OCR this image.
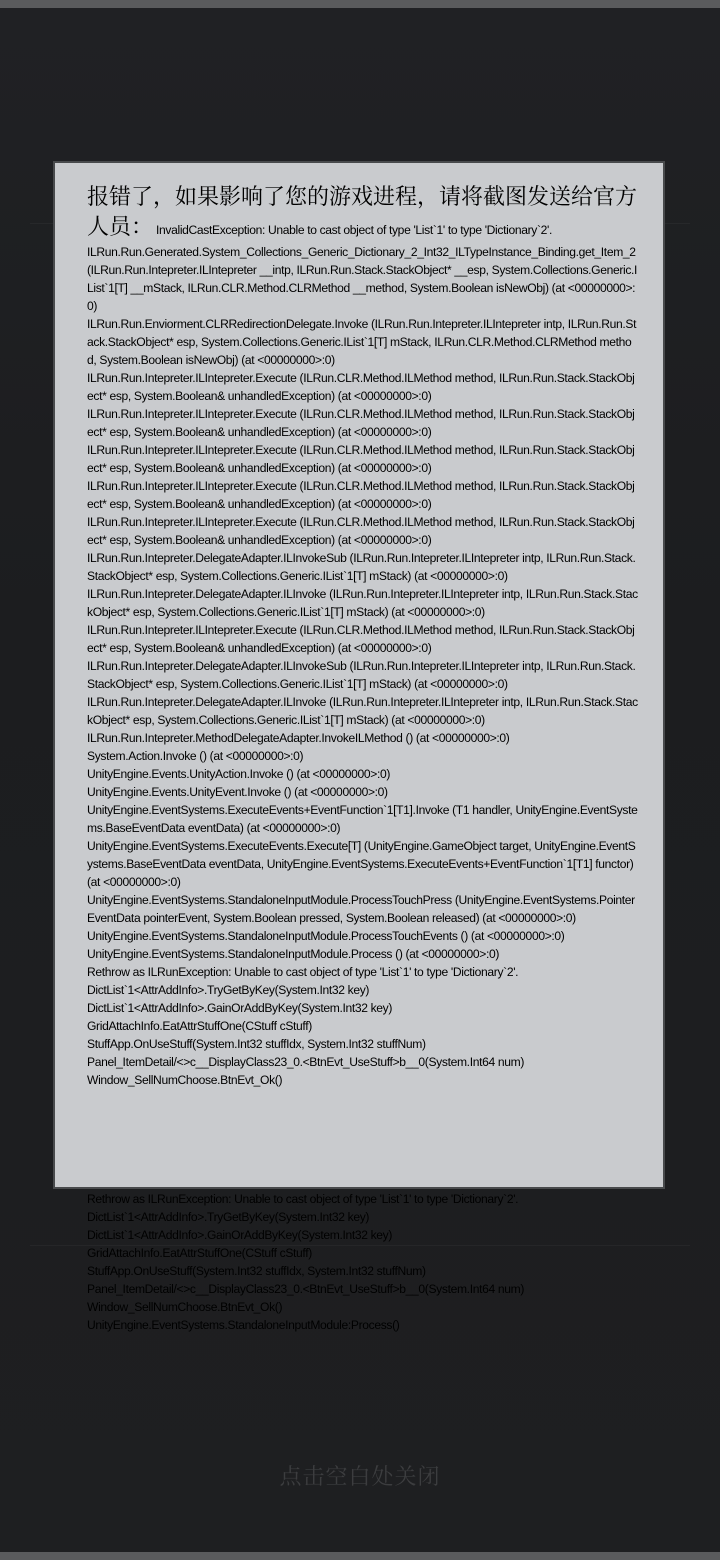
Rethrow as ILRunException: Unable to cast object of type 'List`1' to type 'Dictionary`2'.
DictList`1<AttrAddInfo>.TryGetByKey(System.Int32 key)
DictList`1<AttrAddInfo>.GainOrAddByKey(System.Int32 key)
GridAttachInfo.EatAttrStuffOne(CStuff cStuff)
StuffApp.OnUseStuff(System.Int32 stuffIdx, System.Int32 stuffNum)
Panel_ItemDetail/<>c__DisplayClass23_0.<BtnEvt_UseStuff>b__0(System.Int64 num)
Window_SellNumChoose.BtnEvt_Ok()
UnityEngine.EventSystems.StandaloneInputModule:Process()

报错了，如果影响了您的游戏进程，请将截图发送给官方人员： InvalidCastException: Unable to cast object of type 'List`1' to type 'Dictionary`2'.
ILRun.Run.Generated.System_Collections_Generic_Dictionary_2_Int32_ILTypeInstance_Binding.get_Item_2 (ILRun.Run.Intepreter.ILIntepreter __intp, ILRun.Run.Stack.StackObject* __esp, System.Collections.Generic.IList`1[T] __mStack, ILRun.CLR.Method.CLRMethod __method, System.Boolean isNewObj) (at <00000000>:0)
ILRun.Run.Enviorment.CLRRedirectionDelegate.Invoke (ILRun.Run.Intepreter.ILIntepreter intp, ILRun.Run.Stack.StackObject* esp, System.Collections.Generic.IList`1[T] mStack, ILRun.CLR.Method.CLRMethod method, System.Boolean isNewObj) (at <00000000>:0)
ILRun.Run.Intepreter.ILIntepreter.Execute (ILRun.CLR.Method.ILMethod method, ILRun.Run.Stack.StackObject* esp, System.Boolean& unhandledException) (at <00000000>:0)
ILRun.Run.Intepreter.ILIntepreter.Execute (ILRun.CLR.Method.ILMethod method, ILRun.Run.Stack.StackObject* esp, System.Boolean& unhandledException) (at <00000000>:0)
ILRun.Run.Intepreter.ILIntepreter.Execute (ILRun.CLR.Method.ILMethod method, ILRun.Run.Stack.StackObject* esp, System.Boolean& unhandledException) (at <00000000>:0)
ILRun.Run.Intepreter.ILIntepreter.Execute (ILRun.CLR.Method.ILMethod method, ILRun.Run.Stack.StackObject* esp, System.Boolean& unhandledException) (at <00000000>:0)
ILRun.Run.Intepreter.ILIntepreter.Execute (ILRun.CLR.Method.ILMethod method, ILRun.Run.Stack.StackObject* esp, System.Boolean& unhandledException) (at <00000000>:0)
ILRun.Run.Intepreter.DelegateAdapter.ILInvokeSub (ILRun.Run.Intepreter.ILIntepreter intp, ILRun.Run.Stack.StackObject* esp, System.Collections.Generic.IList`1[T] mStack) (at <00000000>:0)
ILRun.Run.Intepreter.DelegateAdapter.ILInvoke (ILRun.Run.Intepreter.ILIntepreter intp, ILRun.Run.Stack.StackObject* esp, System.Collections.Generic.IList`1[T] mStack) (at <00000000>:0)
ILRun.Run.Intepreter.ILIntepreter.Execute (ILRun.CLR.Method.ILMethod method, ILRun.Run.Stack.StackObject* esp, System.Boolean& unhandledException) (at <00000000>:0)
ILRun.Run.Intepreter.DelegateAdapter.ILInvokeSub (ILRun.Run.Intepreter.ILIntepreter intp, ILRun.Run.Stack.StackObject* esp, System.Collections.Generic.IList`1[T] mStack) (at <00000000>:0)
ILRun.Run.Intepreter.DelegateAdapter.ILInvoke (ILRun.Run.Intepreter.ILIntepreter intp, ILRun.Run.Stack.StackObject* esp, System.Collections.Generic.IList`1[T] mStack) (at <00000000>:0)
ILRun.Run.Intepreter.MethodDelegateAdapter.InvokeILMethod () (at <00000000>:0)
System.Action.Invoke () (at <00000000>:0)
UnityEngine.Events.UnityAction.Invoke () (at <00000000>:0)
UnityEngine.Events.UnityEvent.Invoke () (at <00000000>:0)
UnityEngine.EventSystems.ExecuteEvents+EventFunction`1[T1].Invoke (T1 handler, UnityEngine.EventSystems.BaseEventData eventData) (at <00000000>:0)
UnityEngine.EventSystems.ExecuteEvents.Execute[T] (UnityEngine.GameObject target, UnityEngine.EventSystems.BaseEventData eventData, UnityEngine.EventSystems.ExecuteEvents+EventFunction`1[T1] functor) (at <00000000>:0)
UnityEngine.EventSystems.StandaloneInputModule.ProcessTouchPress (UnityEngine.EventSystems.PointerEventData pointerEvent, System.Boolean pressed, System.Boolean released) (at <00000000>:0)
UnityEngine.EventSystems.StandaloneInputModule.ProcessTouchEvents () (at <00000000>:0)
UnityEngine.EventSystems.StandaloneInputModule.Process () (at <00000000>:0)
Rethrow as ILRunException: Unable to cast object of type 'List`1' to type 'Dictionary`2'.
DictList`1<AttrAddInfo>.TryGetByKey(System.Int32 key)
DictList`1<AttrAddInfo>.GainOrAddByKey(System.Int32 key)
GridAttachInfo.EatAttrStuffOne(CStuff cStuff)
StuffApp.OnUseStuff(System.Int32 stuffIdx, System.Int32 stuffNum)
Panel_ItemDetail/<>c__DisplayClass23_0.<BtnEvt_UseStuff>b__0(System.Int64 num)
Window_SellNumChoose.BtnEvt_Ok()

点击空白处关闭
